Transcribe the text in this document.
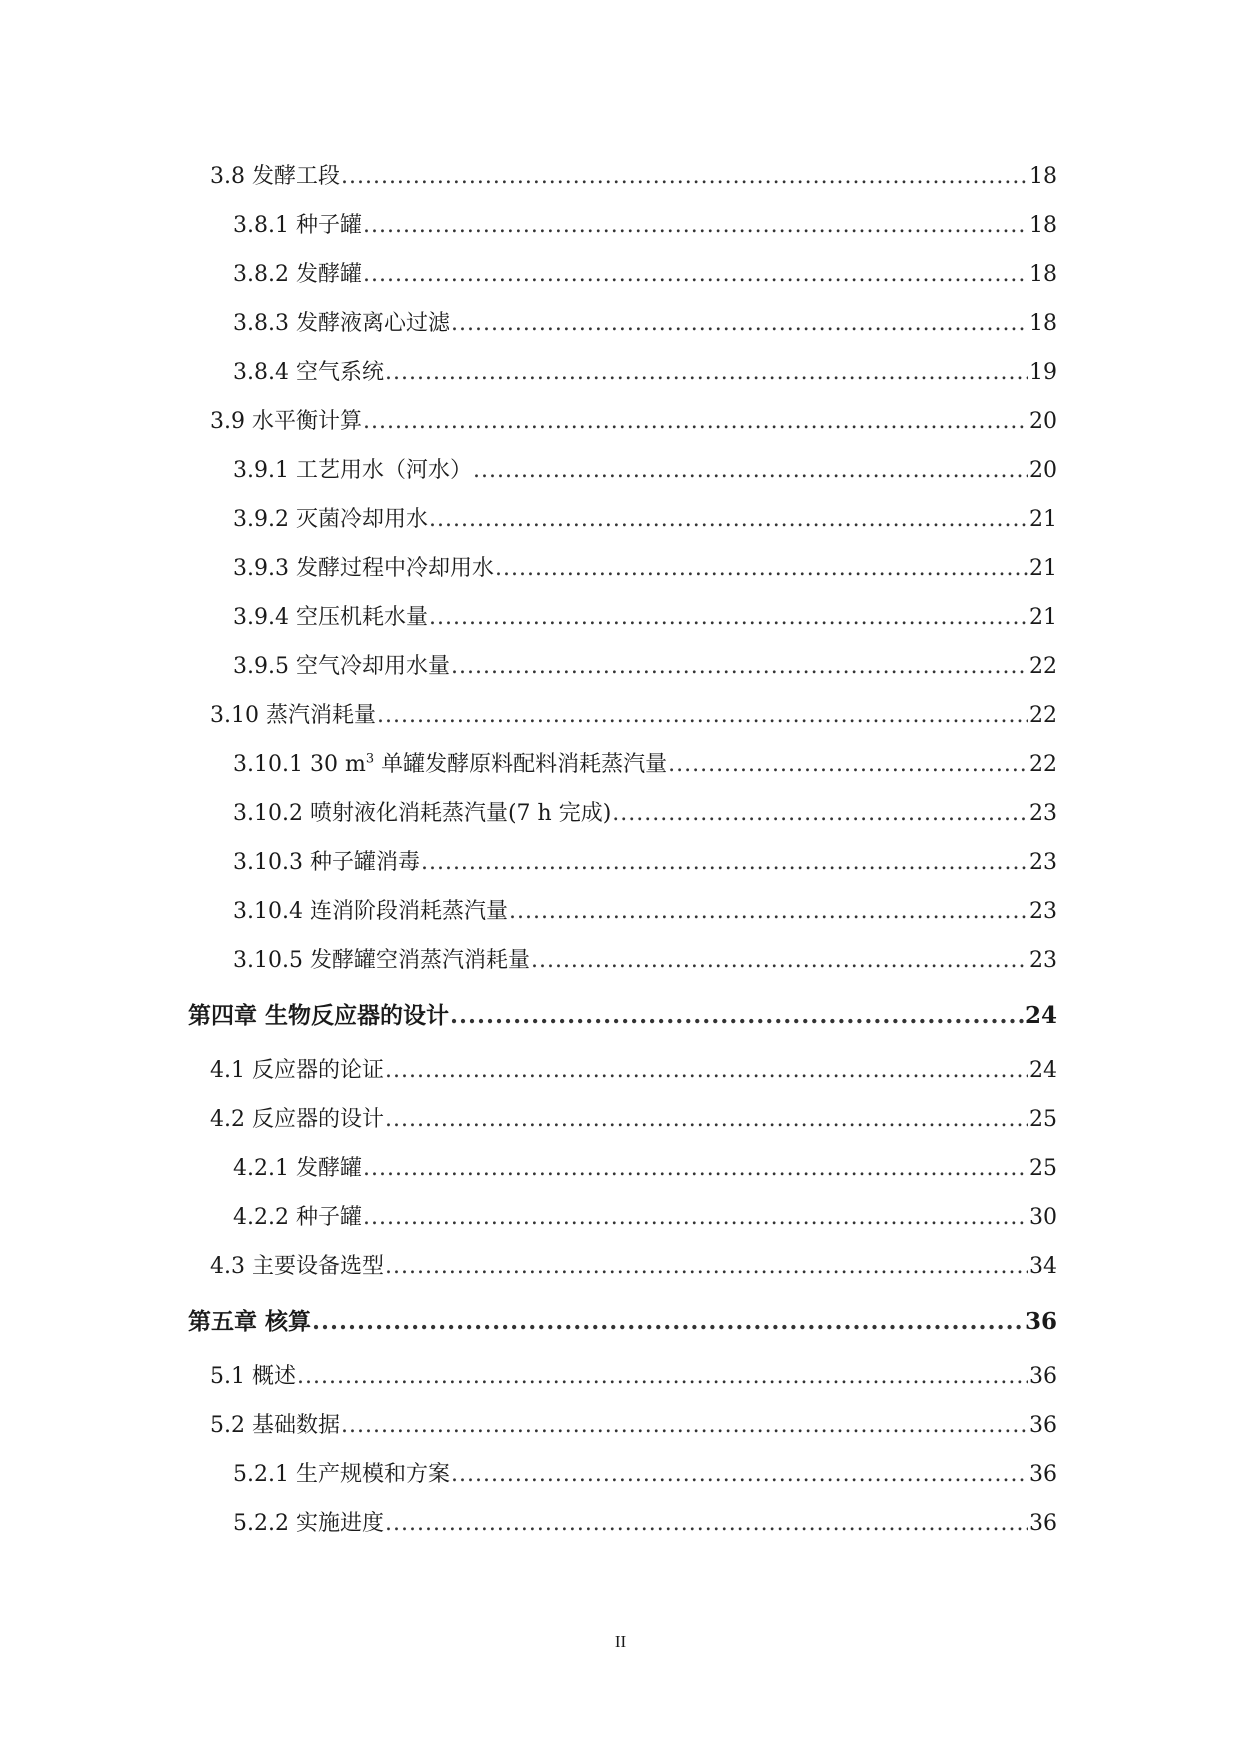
3.8 发酵工段 .....	18
3.8.1 种子罐 .....	18
3.8.2 发酵罐 .....	18
3.8.3 发酵液离心过滤 .....	18
3.8.4 空气系统 .....	19
3.9 水平衡计算 .....	20
3.9.1 工艺用水（河水） .....	20
3.9.2 灭菌冷却用水 .....	21
3.9.3 发酵过程中冷却用水 .....	21
3.9.4 空压机耗水量 .....	21
3.9.5 空气冷却用水量 .....	22
3.10 蒸汽消耗量 .....	22
3.10.1 30 $m^3$ 单罐发酵原料配料消耗蒸汽量 .....	22
3.10.2 喷射液化消耗蒸汽量(7 h 完成) .....	23
3.10.3 种子罐消毒 .....	23
3.10.4 连消阶段消耗蒸汽量 .....	23
3.10.5 发酵罐空消蒸汽消耗量 .....	23
第四章 生物反应器的设计 .....	24
4.1 反应器的论证 .....	24
4.2 反应器的设计 .....	25
4.2.1 发酵罐 .....	25
4.2.2 种子罐 .....	30
4.3 主要设备选型 .....	34
第五章 核算 .....	36
5.1 概述 .....	36
5.2 基础数据 .....	36
5.2.1 生产规模和方案 .....	36
5.2.2 实施进度 .....	36
II
